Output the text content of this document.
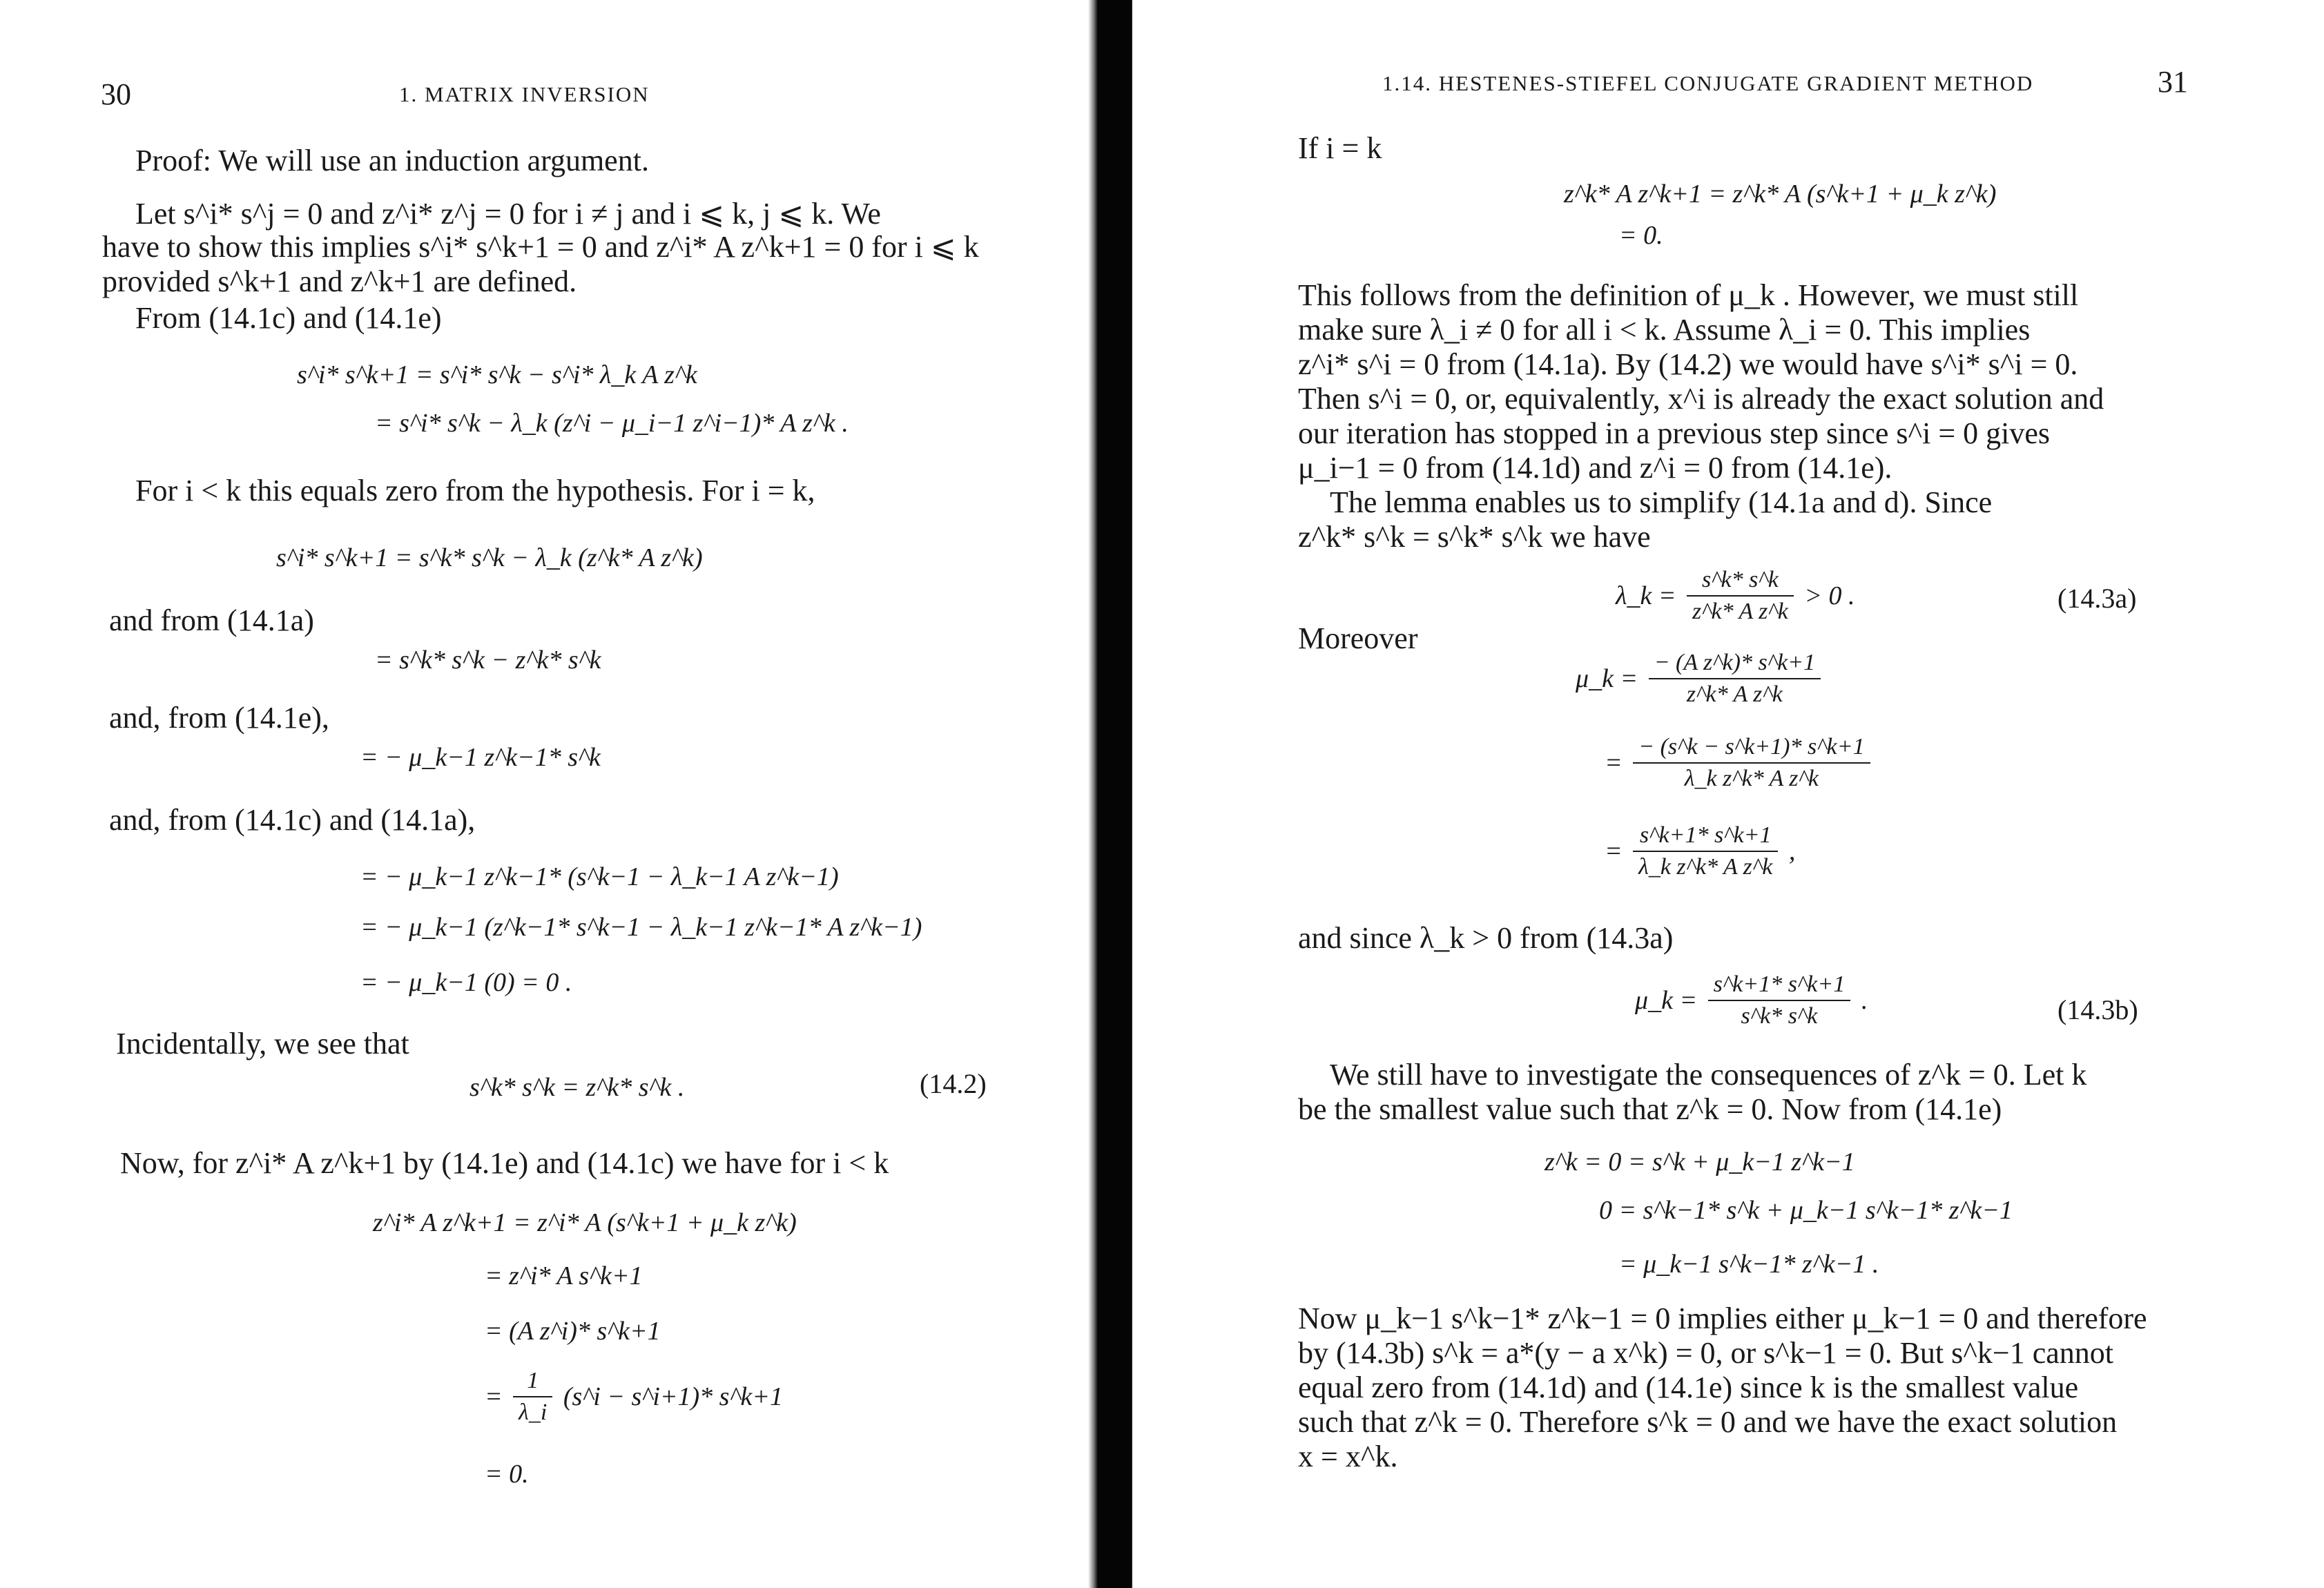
30	1. MATRIX INVERSION
Proof: We will use an induction argument.
Let s^i* s^j = 0 and z^i* z^j = 0 for i ≠ j and i ⩽ k, j ⩽ k. We
have to show this implies s^i* s^k+1 = 0 and z^i* A z^k+1 = 0 for i ⩽ k
provided s^k+1 and z^k+1 are defined.
From (14.1c) and (14.1e)
s^i* s^k+1 = s^i* s^k − s^i* λ_k A z^k
= s^i* s^k − λ_k (z^i − μ_i−1 z^i−1)* A z^k .
For i < k this equals zero from the hypothesis. For i = k,
s^i* s^k+1 = s^k* s^k − λ_k (z^k* A z^k)
and from (14.1a)
= s^k* s^k − z^k* s^k
and, from (14.1e),
= − μ_k−1 z^k−1* s^k
and, from (14.1c) and (14.1a),
= − μ_k−1 z^k−1* (s^k−1 − λ_k−1 A z^k−1)
= − μ_k−1 (z^k−1* s^k−1 − λ_k−1 z^k−1* A z^k−1)
= − μ_k−1 (0) = 0 .
Incidentally, we see that
s^k* s^k = z^k* s^k .	(14.2)
Now, for z^i* A z^k+1 by (14.1e) and (14.1c) we have for i < k
z^i* A z^k+1 = z^i* A (s^k+1 + μ_k z^k)
= z^i* A s^k+1
= (A z^i)* s^k+1
= $\frac{1}{\lambda\_i}$ (s^i − s^i+1)* s^k+1
= 0.
1.14. HESTENES-STIEFEL CONJUGATE GRADIENT METHOD	31
If i = k
z^k* A z^k+1 = z^k* A (s^k+1 + μ_k z^k)
= 0.
This follows from the definition of μ_k . However, we must still
make sure λ_i ≠ 0 for all i < k. Assume λ_i = 0. This implies
z^i* s^i = 0 from (14.1a). By (14.2) we would have s^i* s^i = 0.
Then s^i = 0, or, equivalently, x^i is already the exact solution and
our iteration has stopped in a previous step since s^i = 0 gives
μ_i−1 = 0 from (14.1d) and z^i = 0 from (14.1e).
The lemma enables us to simplify (14.1a and d). Since
z^k* s^k = s^k* s^k we have
λ_k = $\frac{s\^{}k* s\^{}k}{\text{z\textasciicircum{}k* A z\textasciicircum{}k}} > 0$ .	(14.3a)
Moreover
μ_k = $\frac{\text{− (A z\textasciicircum{}k)* s\textasciicircum{}k+1}}{\text{z\textasciicircum{}k* A z\textasciicircum{}k}}$
= $\frac{- (s\^{}k - s\^{}k+1)* s\^{}k+1}{\text{λ\_k z\textasciicircum{}k* A z\textasciicircum{}k}}$
= $\frac{s\^{}k+1* s\^{}k+1}{\text{λ\_k z\textasciicircum{}k* A z\textasciicircum{}k}}$ ,
and since λ_k > 0 from (14.3a)
μ_k = $\frac{s\^{}k+1* s\^{}k+1}{s\^{}k* s\^{}k}$ .	(14.3b)
We still have to investigate the consequences of z^k = 0. Let k
be the smallest value such that z^k = 0. Now from (14.1e)
z^k = 0 = s^k + μ_k−1 z^k−1
0 = s^k−1* s^k + μ_k−1 s^k−1* z^k−1
= μ_k−1 s^k−1* z^k−1 .
Now μ_k−1 s^k−1* z^k−1 = 0 implies either μ_k−1 = 0 and therefore
by (14.3b) s^k = a*(y − a x^k) = 0, or s^k−1 = 0. But s^k−1 cannot
equal zero from (14.1d) and (14.1e) since k is the smallest value
such that z^k = 0. Therefore s^k = 0 and we have the exact solution
x = x^k.
